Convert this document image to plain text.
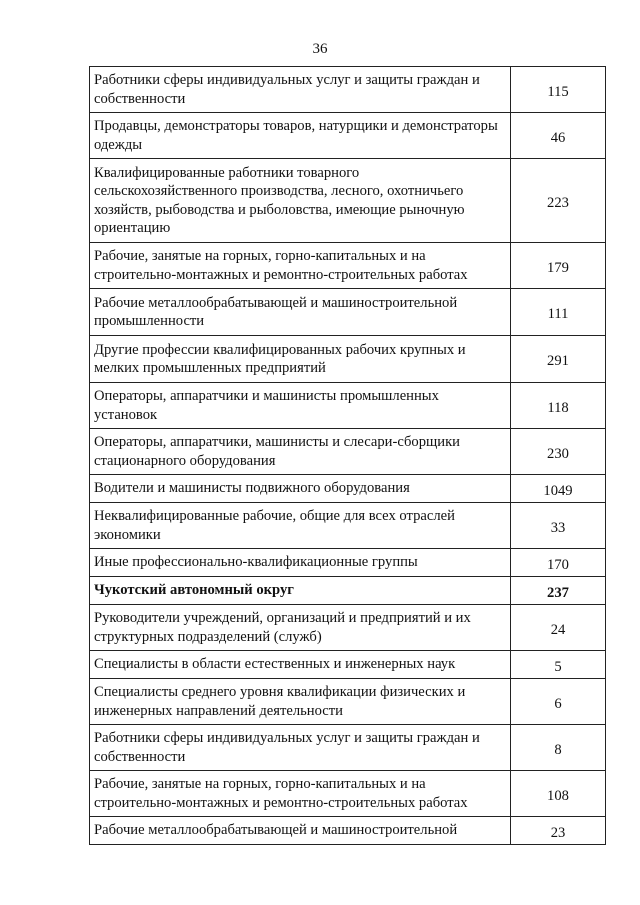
36
Работники сферы индивидуальных услуг и защиты граждан и собственности	115
Продавцы, демонстраторы товаров, натурщики и демонстраторы одежды	46
Квалифицированные работники товарного сельскохозяйственного производства, лесного, охотничьего хозяйств, рыбоводства и рыболовства, имеющие рыночную ориентацию	223
Рабочие, занятые на горных, горно-капитальных и на строительно-монтажных и ремонтно-строительных работах	179
Рабочие металлообрабатывающей и машиностроительной промышленности	111
Другие профессии квалифицированных рабочих крупных и мелких промышленных предприятий	291
Операторы, аппаратчики и машинисты промышленных установок	118
Операторы, аппаратчики, машинисты и слесари-сборщики стационарного оборудования	230
Водители и машинисты подвижного оборудования	1049
Неквалифицированные рабочие, общие для всех отраслей экономики	33
Иные профессионально-квалификационные группы	170
Чукотский автономный округ	237
Руководители учреждений, организаций и предприятий и их структурных подразделений (служб)	24
Специалисты в области естественных и инженерных наук	5
Специалисты среднего уровня квалификации физических и инженерных направлений деятельности	6
Работники сферы индивидуальных услуг и защиты граждан и собственности	8
Рабочие, занятые на горных, горно-капитальных и на строительно-монтажных и ремонтно-строительных работах	108
Рабочие металлообрабатывающей и машиностроительной	23
